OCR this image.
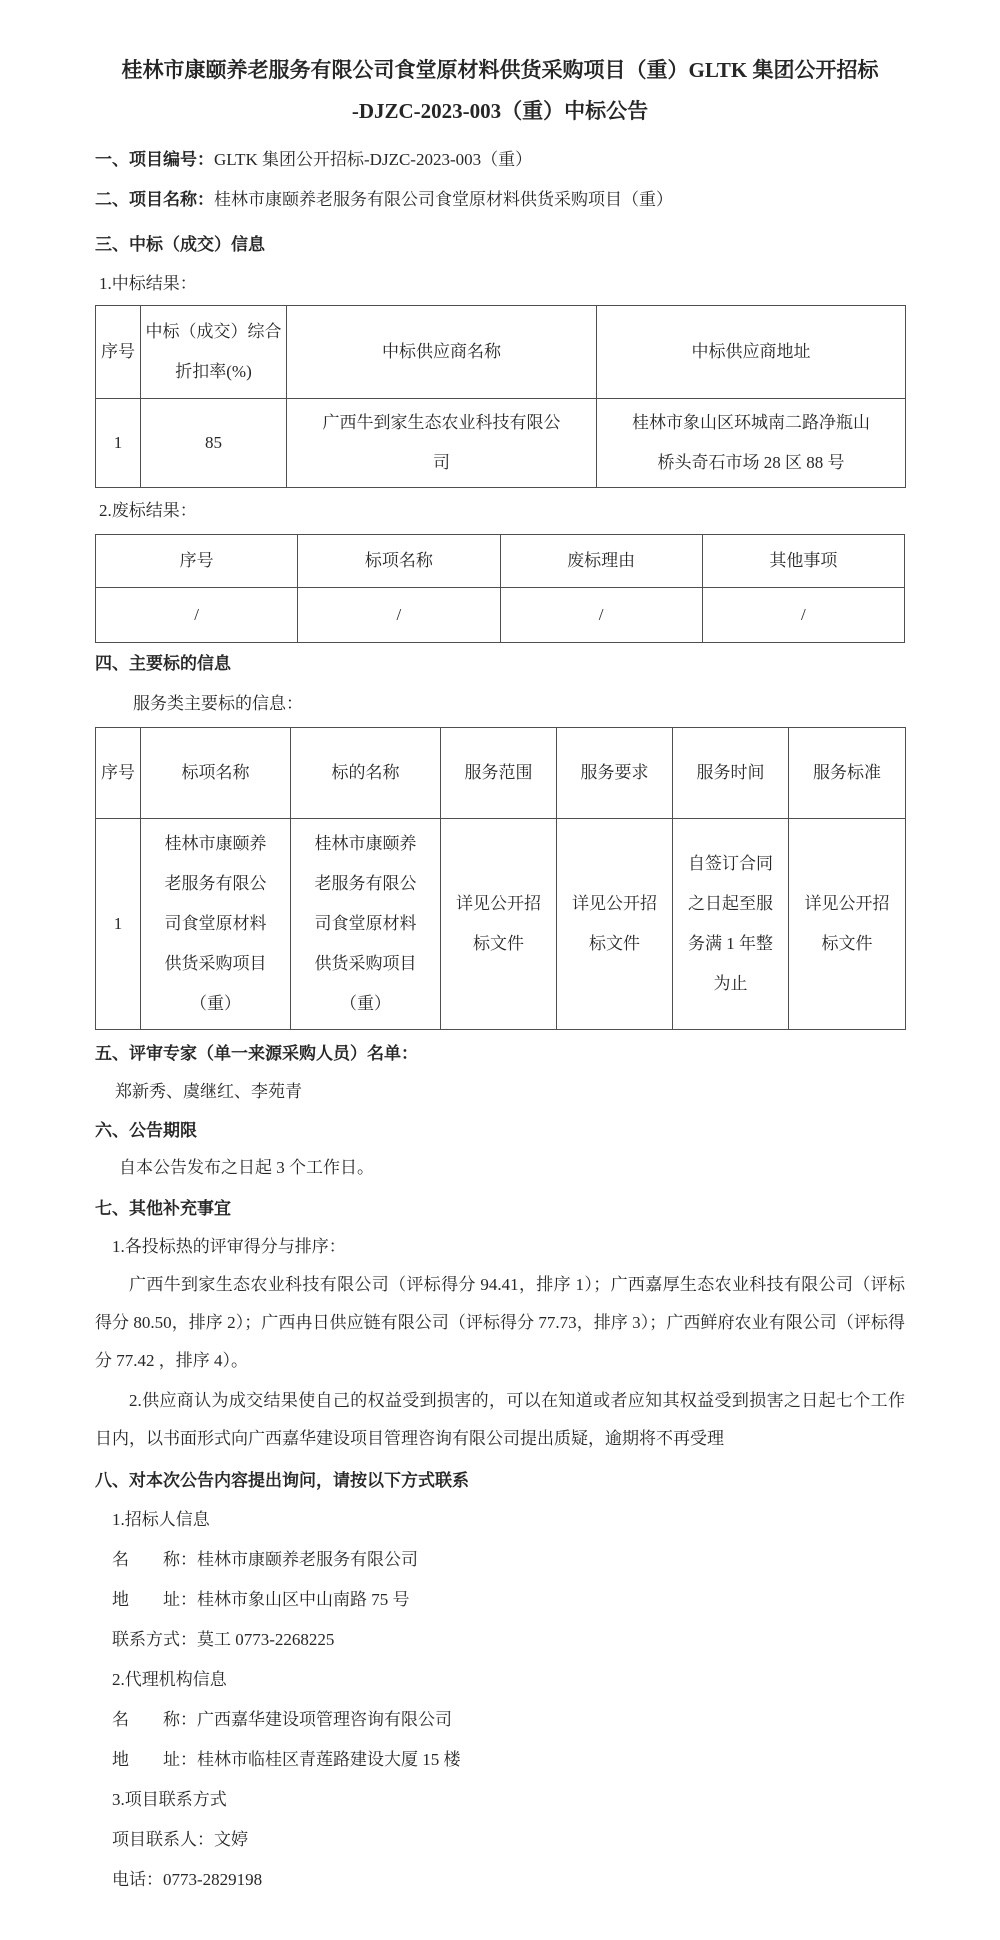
桂林市康颐养老服务有限公司食堂原材料供货采购项目（重）GLTK 集团公开招标

-DJZC-2023-003（重）中标公告

一、项目编号：GLTK 集团公开招标-DJZC-2023-003（重）

二、项目名称：桂林市康颐养老服务有限公司食堂原材料供货采购项目（重）

三、中标（成交）信息

1.中标结果：

序号	中标（成交）综合折扣率(%)	中标供应商名称	中标供应商地址
1	85	广西牛到家生态农业科技有限公司	桂林市象山区环城南二路净瓶山桥头奇石市场 28 区 88 号

2.废标结果：

序号	标项名称	废标理由	其他事项
/	/	/	/

四、主要标的信息

服务类主要标的信息：

序号	标项名称	标的名称	服务范围	服务要求	服务时间	服务标准
1	桂林市康颐养老服务有限公司食堂原材料供货采购项目（重）	桂林市康颐养老服务有限公司食堂原材料供货采购项目（重）	详见公开招标文件	详见公开招标文件	自签订合同之日起至服务满 1 年整为止	详见公开招标文件

五、评审专家（单一来源采购人员）名单：

郑新秀、虞继红、李苑青

六、公告期限

自本公告发布之日起 3 个工作日。

七、其他补充事宜

1.各投标热的评审得分与排序：

广西牛到家生态农业科技有限公司（评标得分 94.41，排序 1）；广西嘉厚生态农业科技有限公司（评标得分 80.50，排序 2）；广西冉日供应链有限公司（评标得分 77.73，排序 3）；广西鲜府农业有限公司（评标得分 77.42 ，排序 4）。

2.供应商认为成交结果使自己的权益受到损害的，可以在知道或者应知其权益受到损害之日起七个工作日内，以书面形式向广西嘉华建设项目管理咨询有限公司提出质疑，逾期将不再受理

八、对本次公告内容提出询问，请按以下方式联系

1.招标人信息

名　　称：桂林市康颐养老服务有限公司

地　　址：桂林市象山区中山南路 75 号

联系方式：莫工 0773-2268225

2.代理机构信息

名　　称：广西嘉华建设项管理咨询有限公司

地　　址：桂林市临桂区青莲路建设大厦 15 楼

3.项目联系方式

项目联系人：文婷

电话：0773-2829198
